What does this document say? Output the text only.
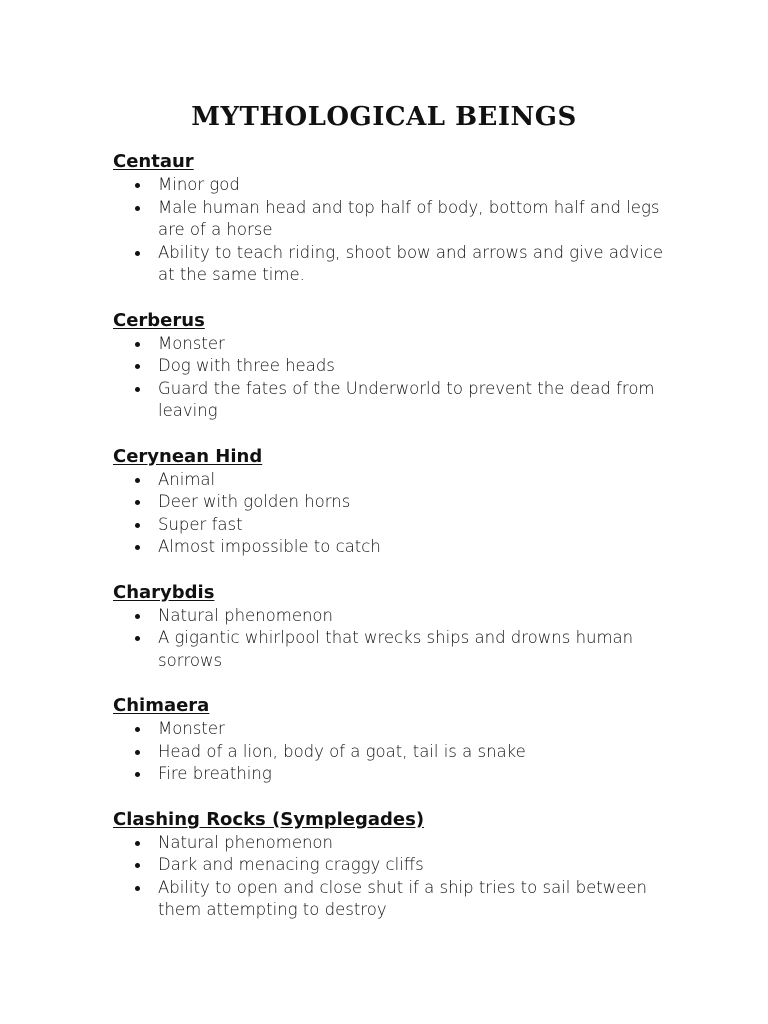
MYTHOLOGICAL BEINGS
Centaur
Minor god
Male human head and top half of body, bottom half and legs are of a horse
Ability to teach riding, shoot bow and arrows and give advice at the same time.
Cerberus
Monster
Dog with three heads
Guard the fates of the Underworld to prevent the dead from leaving
Cerynean Hind
Animal
Deer with golden horns
Super fast
Almost impossible to catch
Charybdis
Natural phenomenon
A gigantic whirlpool that wrecks ships and drowns human sorrows
Chimaera
Monster
Head of a lion, body of a goat, tail is a snake
Fire breathing
Clashing Rocks (Symplegades)
Natural phenomenon
Dark and menacing craggy cliffs
Ability to open and close shut if a ship tries to sail between them attempting to destroy
